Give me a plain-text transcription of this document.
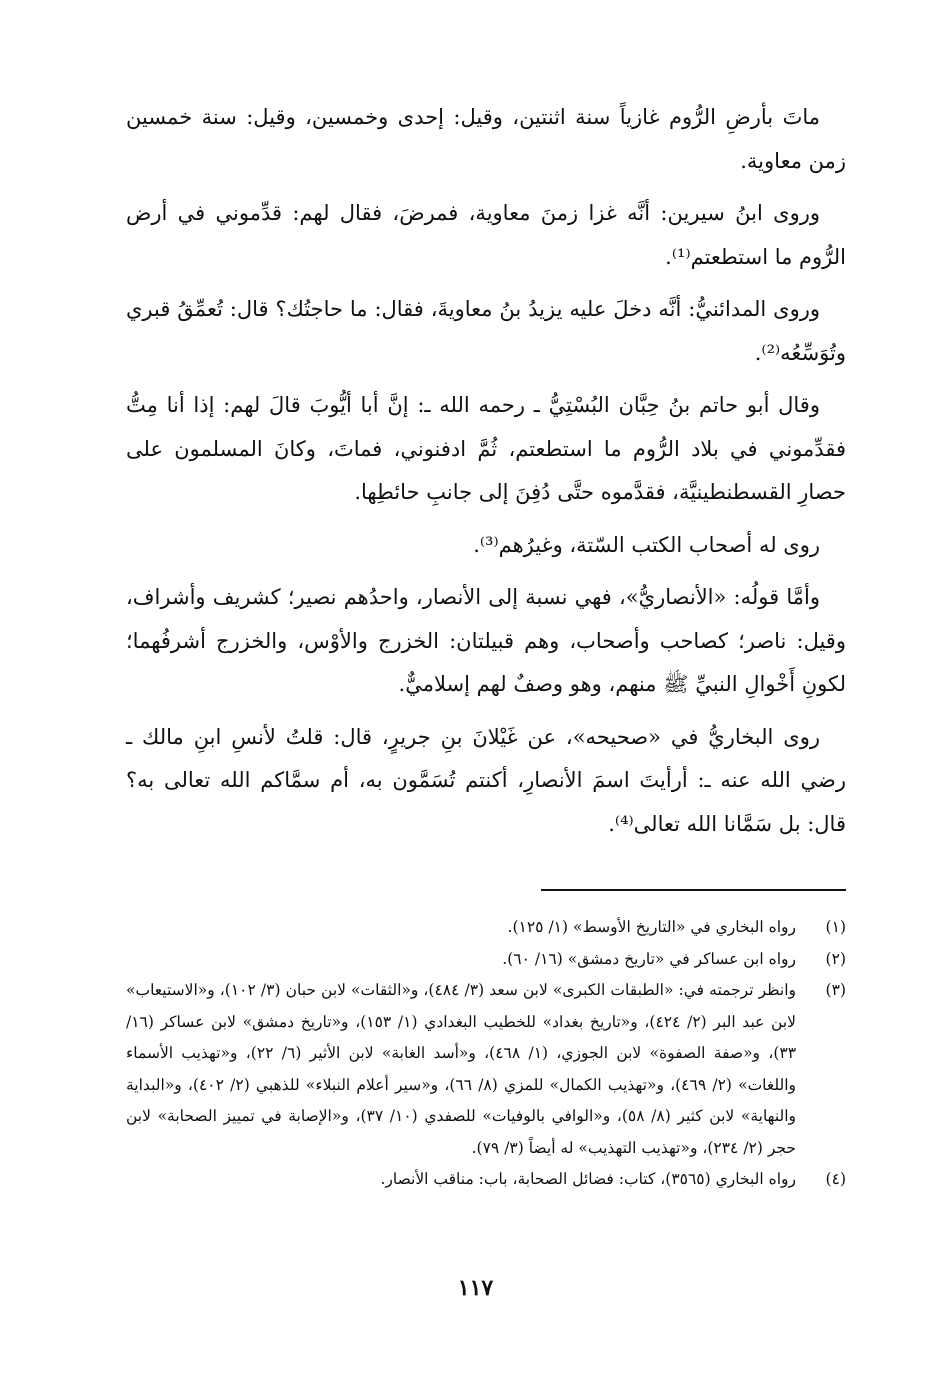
ماتَ بأرضِ الرُّوم غازياً سنة اثنتين، وقيل: إحدى وخمسين، وقيل: سنة خمسين زمن معاوية.

وروى ابنُ سيرين: أنَّه غزا زمنَ معاوية، فمرضَ، فقال لهم: قدِّموني في أرض الرُّوم ما استطعتم⁽¹⁾.

وروى المدائنيُّ: أنَّه دخلَ عليه يزيدُ بنُ معاويةَ، فقال: ما حاجتُك؟ قال: تُعمِّقُ قبري وتُوَسِّعُه⁽²⁾.

وقال أبو حاتم بنُ حِبَّان البُسْتِيُّ ـ رحمه الله ـ: إنَّ أبا أيُّوبَ قالَ لهم: إذا أنا مِتُّ فقدِّموني في بلاد الرُّوم ما استطعتم، ثُمَّ ادفنوني، فماتَ، وكانَ المسلمون على حصارِ القسطنطينيَّة، فقدَّموه حتَّى دُفِنَ إلى جانبِ حائطِها.

روى له أصحاب الكتب السّتة، وغيرُهم⁽³⁾.

وأمَّا قولُه: «الأنصاريُّ»، فهي نسبة إلى الأنصار، واحدُهم نصير؛ كشريف وأشراف، وقيل: ناصر؛ كصاحب وأصحاب، وهم قبيلتان: الخزرج والأوْس، والخزرج أشرفُهما؛ لكونِ أَخْوالِ النبيِّ ﷺ منهم، وهو وصفٌ لهم إسلاميٌّ.

روى البخاريُّ في «صحيحه»، عن غَيْلانَ بنِ جريرٍ، قال: قلتُ لأنسِ ابنِ مالك ـ رضي الله عنه ـ: أرأيتَ اسمَ الأنصارِ، أكنتم تُسَمَّون به، أم سمَّاكم الله تعالى به؟ قال: بل سَمَّانا الله تعالى⁽⁴⁾.

(١)
رواه البخاري في «التاريخ الأوسط» (١/ ١٢٥).
(٢)
رواه ابن عساكر في «تاريخ دمشق» (١٦/ ٦٠).
(٣)
وانظر ترجمته في: «الطبقات الكبرى» لابن سعد (٣/ ٤٨٤)، و«الثقات» لابن حبان (٣/ ١٠٢)، و«الاستيعاب» لابن عبد البر (٢/ ٤٢٤)، و«تاريخ بغداد» للخطيب البغدادي (١/ ١٥٣)، و«تاريخ دمشق» لابن عساكر (١٦/ ٣٣)، و«صفة الصفوة» لابن الجوزي، (١/ ٤٦٨)، و«أسد الغابة» لابن الأثير (٦/ ٢٢)، و«تهذيب الأسماء واللغات» (٢/ ٤٦٩)، و«تهذيب الكمال» للمزي (٨/ ٦٦)، و«سير أعلام النبلاء» للذهبي (٢/ ٤٠٢)، و«البداية والنهاية» لابن كثير (٨/ ٥٨)، و«الوافي بالوفيات» للصفدي (١٠/ ٣٧)، و«الإصابة في تمييز الصحابة» لابن حجر (٢/ ٢٣٤)، و«تهذيب التهذيب» له أيضاً (٣/ ٧٩).
(٤)
رواه البخاري (٣٥٦٥)، كتاب: فضائل الصحابة، باب: مناقب الأنصار.
١١٧
